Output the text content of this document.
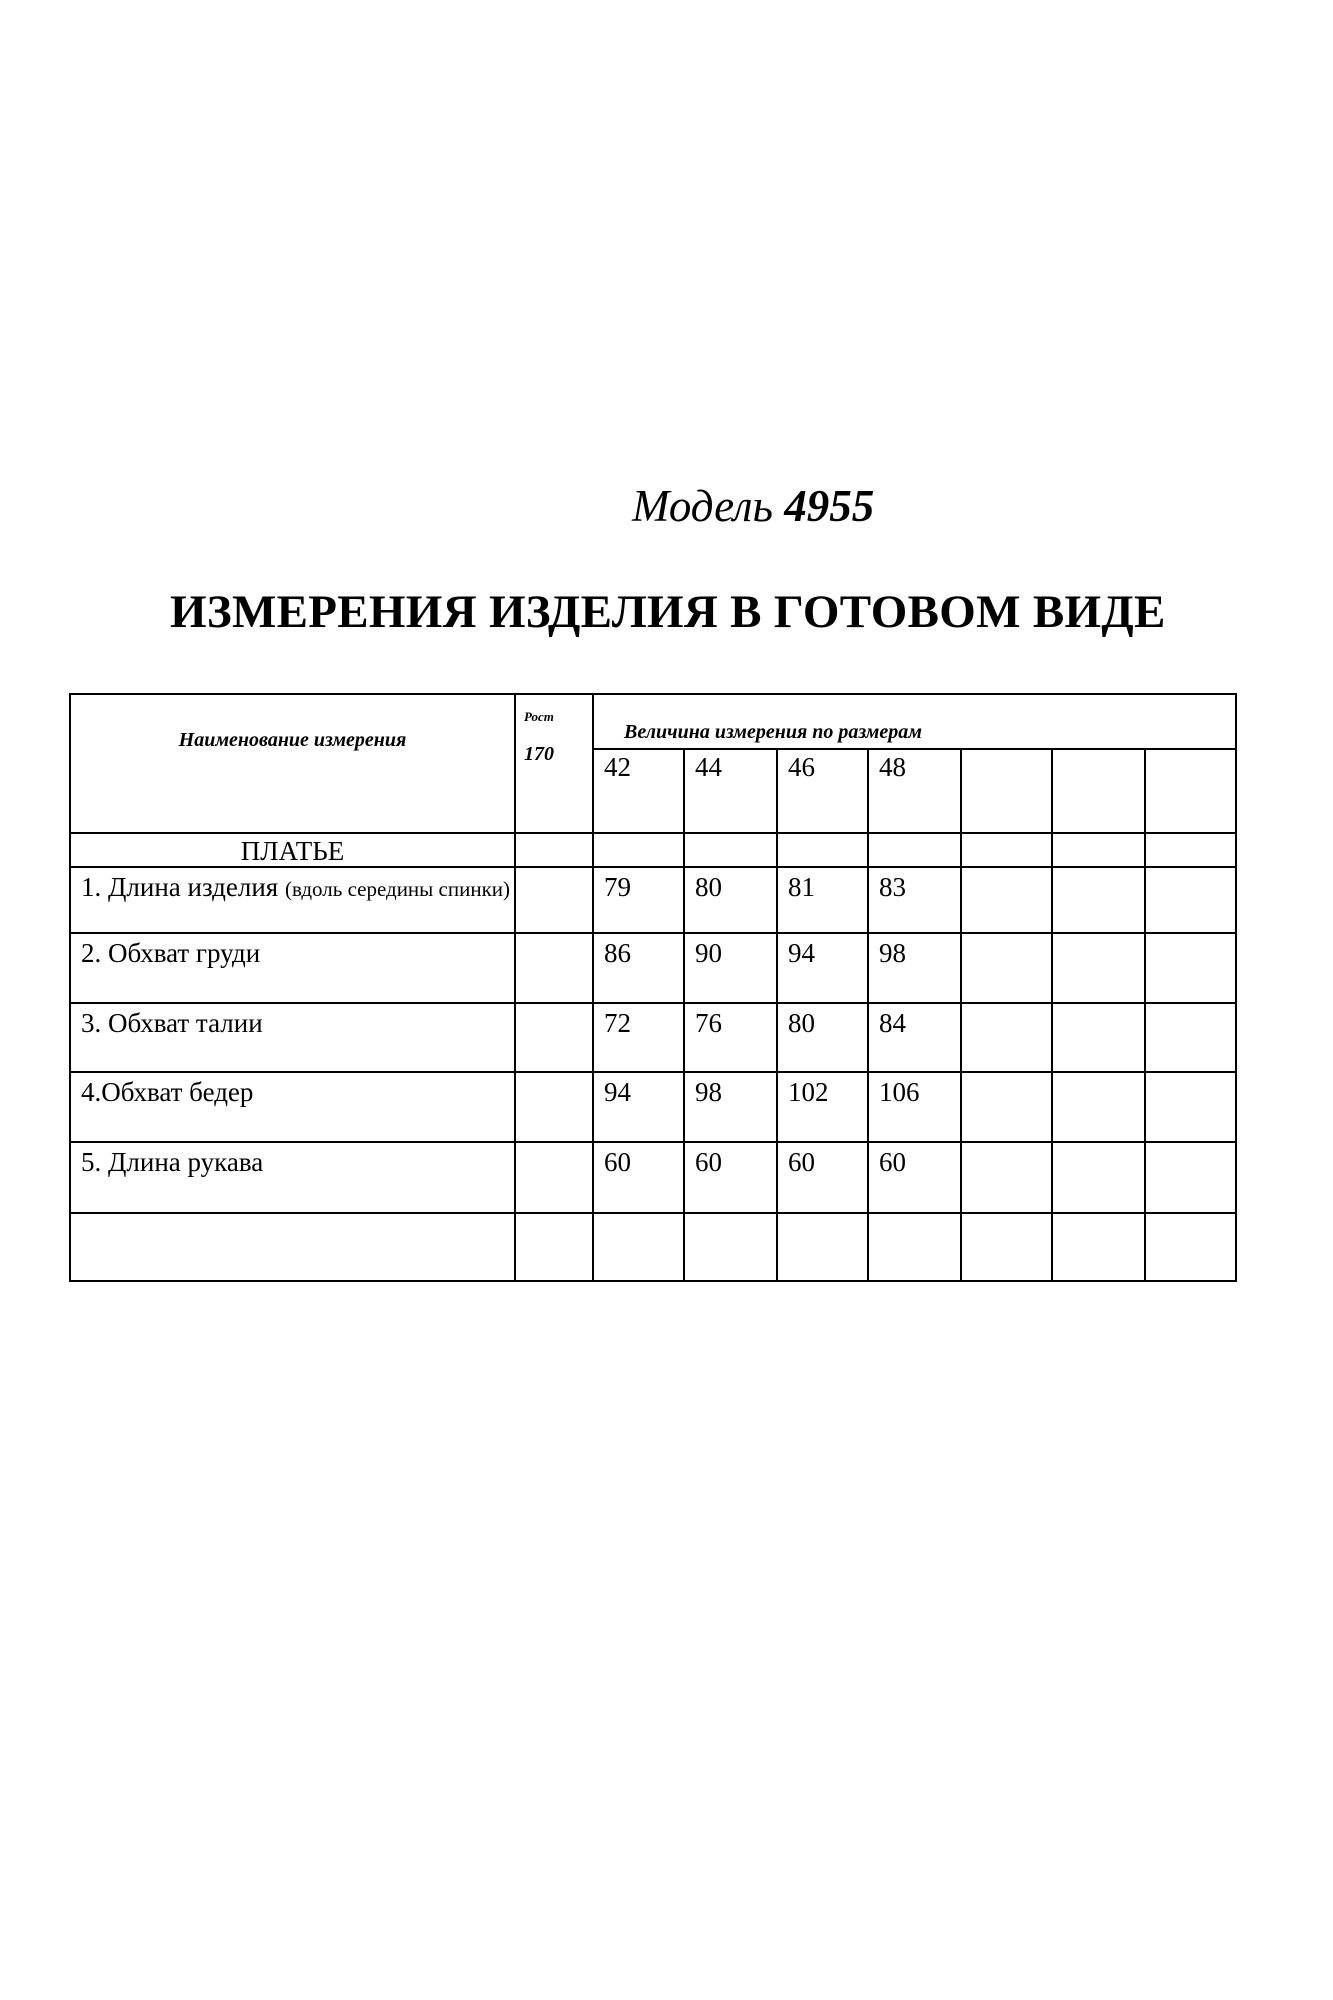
Модель 4955
ИЗМЕРЕНИЯ ИЗДЕЛИЯ В ГОТОВОМ ВИДЕ
Наименование измерения	Рост
170	Величина измерения по размерам						
		42	44	46	48			
ПЛАТЬЕ								
1. Длина изделия (вдоль середины спинки)		79	80	81	83			
2. Обхват груди		86	90	94	98			
3. Обхват талии		72	76	80	84			
4.Обхват бедер		94	98	102	106			
5. Длина рукава		60	60	60	60			
